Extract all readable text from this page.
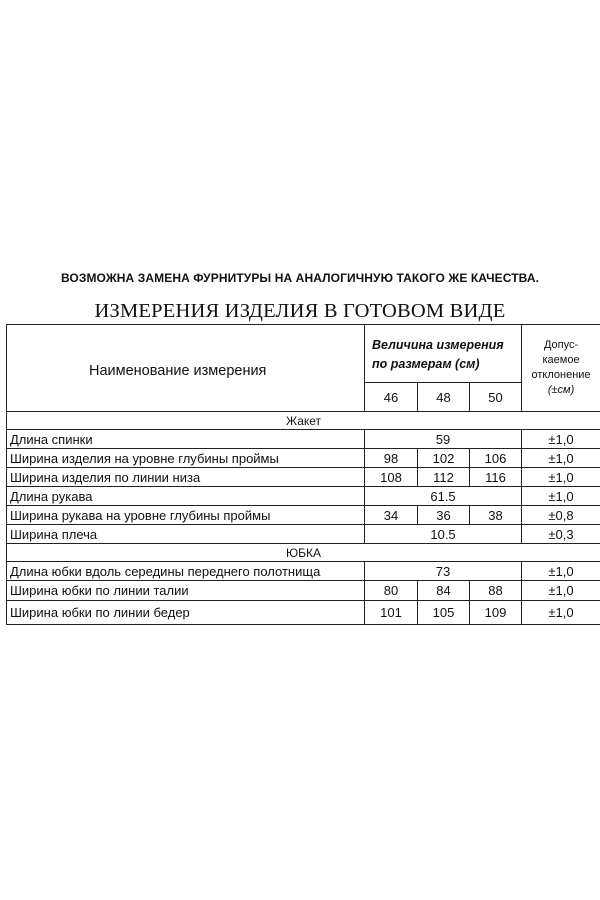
ВОЗМОЖНА ЗАМЕНА ФУРНИТУРЫ НА АНАЛОГИЧНУЮ ТАКОГО ЖЕ КАЧЕСТВА.
ИЗМЕРЕНИЯ ИЗДЕЛИЯ В ГОТОВОМ ВИДЕ
Наименование измерения	Величина измерения по размерам (см)			Допус-
каемое
отклонение
(±см)
	46	48	50	
Жакет				
Длина спинки	59			±1,0
Ширина изделия на уровне глубины проймы	98	102	106	±1,0
Ширина изделия по линии низа	108	112	116	±1,0
Длина рукава	61.5			±1,0
Ширина рукава на уровне глубины проймы	34	36	38	±0,8
Ширина плеча	10.5			±0,3
ЮБКА				
Длина юбки вдоль середины переднего полотнища	73			±1,0
Ширина юбки по линии талии	80	84	88	±1,0
Ширина юбки по линии бедер	101	105	109	±1,0
